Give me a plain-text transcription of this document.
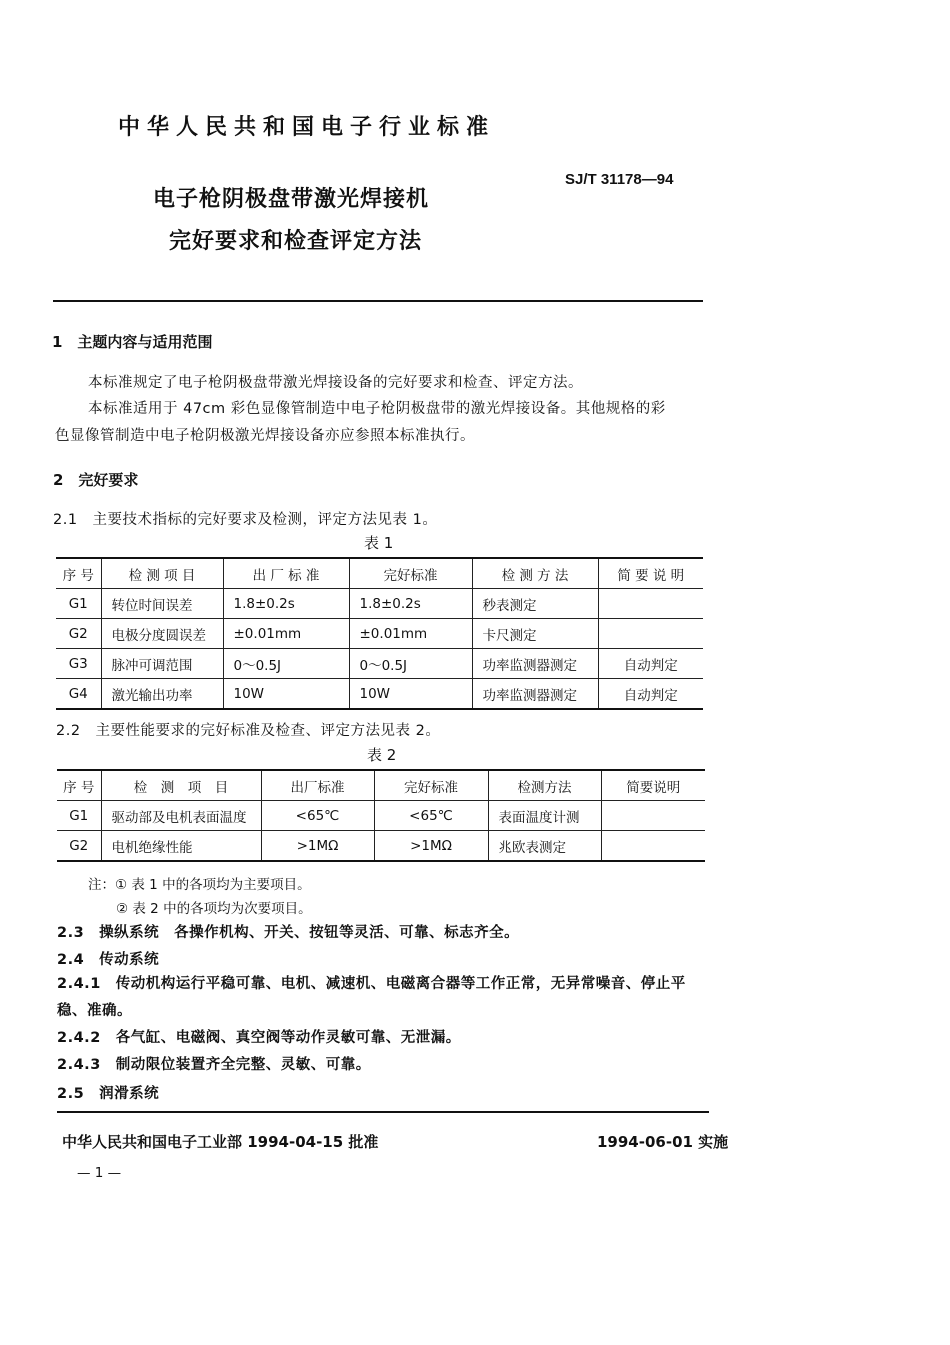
中华人民共和国电子行业标准
SJ/T 31178—94
电子枪阴极盘带激光焊接机
完好要求和检查评定方法
1　主题内容与适用范围
本标准规定了电子枪阴极盘带激光焊接设备的完好要求和检查、评定方法。
本标准适用于 47cm 彩色显像管制造中电子枪阴极盘带的激光焊接设备。其他规格的彩
色显像管制造中电子枪阴极激光焊接设备亦应参照本标准执行。
2　完好要求
2.1　主要技术指标的完好要求及检测，评定方法见表 1。
表 1
序 号	检 测 项 目	出 厂 标 准	完好标准	检 测 方 法	简 要 说 明
G1	转位时间误差	1.8±0.2s	1.8±0.2s	秒表测定	
G2	电极分度圆误差	±0.01mm	±0.01mm	卡尺测定	
G3	脉冲可调范围	0～0.5J	0～0.5J	功率监测器测定	自动判定
G4	激光输出功率	10W	10W	功率监测器测定	自动判定
2.2　主要性能要求的完好标准及检查、评定方法见表 2。
表 2
序 号	检　测　项　目	出厂标准	完好标准	检测方法	简要说明
G1	驱动部及电机表面温度	<65℃	<65℃	表面温度计测	
G2	电机绝缘性能	>1MΩ	>1MΩ	兆欧表测定	
注：① 表 1 中的各项均为主要项目。
② 表 2 中的各项均为次要项目。
2.3　操纵系统　各操作机构、开关、按钮等灵活、可靠、标志齐全。
2.4　传动系统
2.4.1　传动机构运行平稳可靠、电机、减速机、电磁离合器等工作正常，无异常噪音、停止平
稳、准确。
2.4.2　各气缸、电磁阀、真空阀等动作灵敏可靠、无泄漏。
2.4.3　制动限位装置齐全完整、灵敏、可靠。
2.5　润滑系统
中华人民共和国电子工业部 1994-04-15 批准	1994-06-01 实施
— 1 —
